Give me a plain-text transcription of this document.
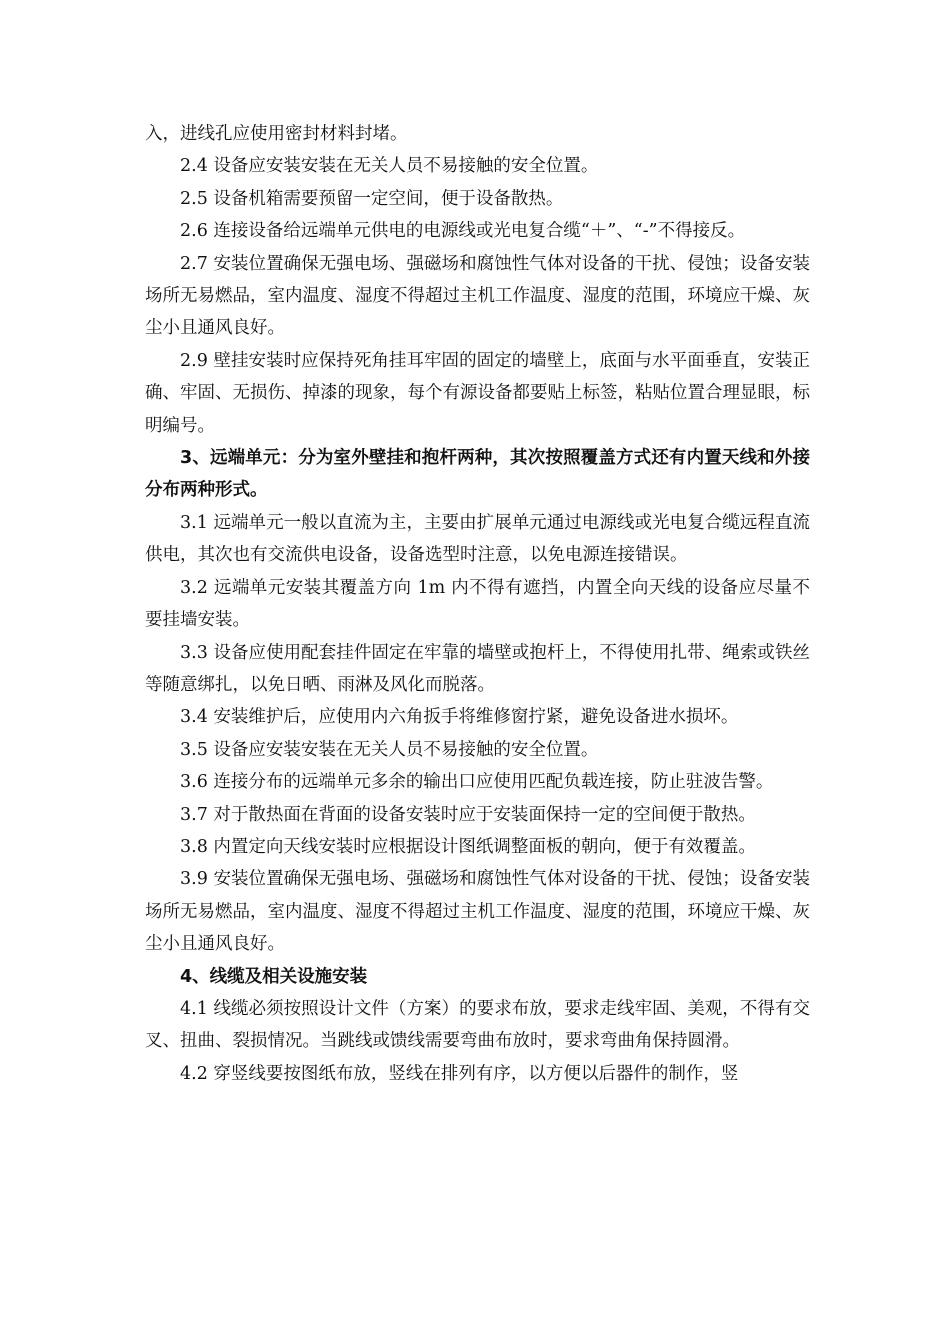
入，进线孔应使用密封材料封堵。

2.4 设备应安装安装在无关人员不易接触的安全位置。

2.5 设备机箱需要预留一定空间，便于设备散热。

2.6 连接设备给远端单元供电的电源线或光电复合缆“＋”、“-”不得接反。

2.7 安装位置确保无强电场、强磁场和腐蚀性气体对设备的干扰、侵蚀；设备安装场所无易燃品，室内温度、湿度不得超过主机工作温度、湿度的范围，环境应干燥、灰尘小且通风良好。

2.9 壁挂安装时应保持死角挂耳牢固的固定的墙壁上，底面与水平面垂直，安装正确、牢固、无损伤、掉漆的现象，每个有源设备都要贴上标签，粘贴位置合理显眼，标明编号。

3、远端单元：分为室外壁挂和抱杆两种，其次按照覆盖方式还有内置天线和外接分布两种形式。

3.1 远端单元一般以直流为主，主要由扩展单元通过电源线或光电复合缆远程直流供电，其次也有交流供电设备，设备选型时注意，以免电源连接错误。

3.2 远端单元安装其覆盖方向 1m 内不得有遮挡，内置全向天线的设备应尽量不要挂墙安装。

3.3 设备应使用配套挂件固定在牢靠的墙壁或抱杆上，不得使用扎带、绳索或铁丝等随意绑扎，以免日晒、雨淋及风化而脱落。

3.4 安装维护后，应使用内六角扳手将维修窗拧紧，避免设备进水损坏。

3.5 设备应安装安装在无关人员不易接触的安全位置。

3.6 连接分布的远端单元多余的输出口应使用匹配负载连接，防止驻波告警。

3.7 对于散热面在背面的设备安装时应于安装面保持一定的空间便于散热。

3.8 内置定向天线安装时应根据设计图纸调整面板的朝向，便于有效覆盖。

3.9 安装位置确保无强电场、强磁场和腐蚀性气体对设备的干扰、侵蚀；设备安装场所无易燃品，室内温度、湿度不得超过主机工作温度、湿度的范围，环境应干燥、灰尘小且通风良好。

4、线缆及相关设施安装

4.1 线缆必须按照设计文件（方案）的要求布放，要求走线牢固、美观，不得有交叉、扭曲、裂损情况。当跳线或馈线需要弯曲布放时，要求弯曲角保持圆滑。

4.2 穿竖线要按图纸布放，竖线在排列有序，以方便以后器件的制作，竖
